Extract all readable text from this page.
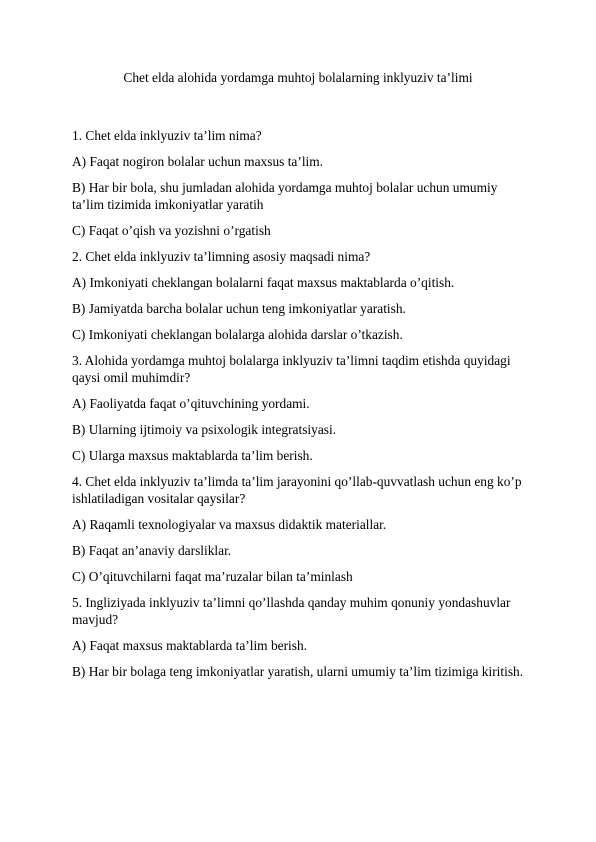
Chet elda alohida yordamga muhtoj bolalarning inklyuziv ta’limi

1. Chet elda inklyuziv ta’lim nima?

A) Faqat nogiron bolalar uchun maxsus ta’lim.

B) Har bir bola, shu jumladan alohida yordamga muhtoj bolalar uchun umumiy ta’lim tizimida imkoniyatlar yaratih

C) Faqat o’qish va yozishni o’rgatish

2. Chet elda inklyuziv ta’limning asosiy maqsadi nima?

A) Imkoniyati cheklangan bolalarni faqat maxsus maktablarda o’qitish.

B) Jamiyatda barcha bolalar uchun teng imkoniyatlar yaratish.

C) Imkoniyati cheklangan bolalarga alohida darslar o’tkazish.

3. Alohida yordamga muhtoj bolalarga inklyuziv ta’limni taqdim etishda quyidagi qaysi omil muhimdir?

A) Faoliyatda faqat o’qituvchining yordami.

B) Ularning ijtimoiy va psixologik integratsiyasi.

C) Ularga maxsus maktablarda ta’lim berish.

4. Chet elda inklyuziv ta’limda ta’lim jarayonini qo’llab-quvvatlash uchun eng ko’p ishlatiladigan vositalar qaysilar?

A) Raqamli texnologiyalar va maxsus didaktik materiallar.

B) Faqat an’anaviy darsliklar.

C) O’qituvchilarni faqat ma’ruzalar bilan ta’minlash

5. Ingliziyada inklyuziv ta’limni qo’llashda qanday muhim qonuniy yondashuvlar mavjud?

A) Faqat maxsus maktablarda ta’lim berish.

B) Har bir bolaga teng imkoniyatlar yaratish, ularni umumiy ta’lim tizimiga kiritish.
